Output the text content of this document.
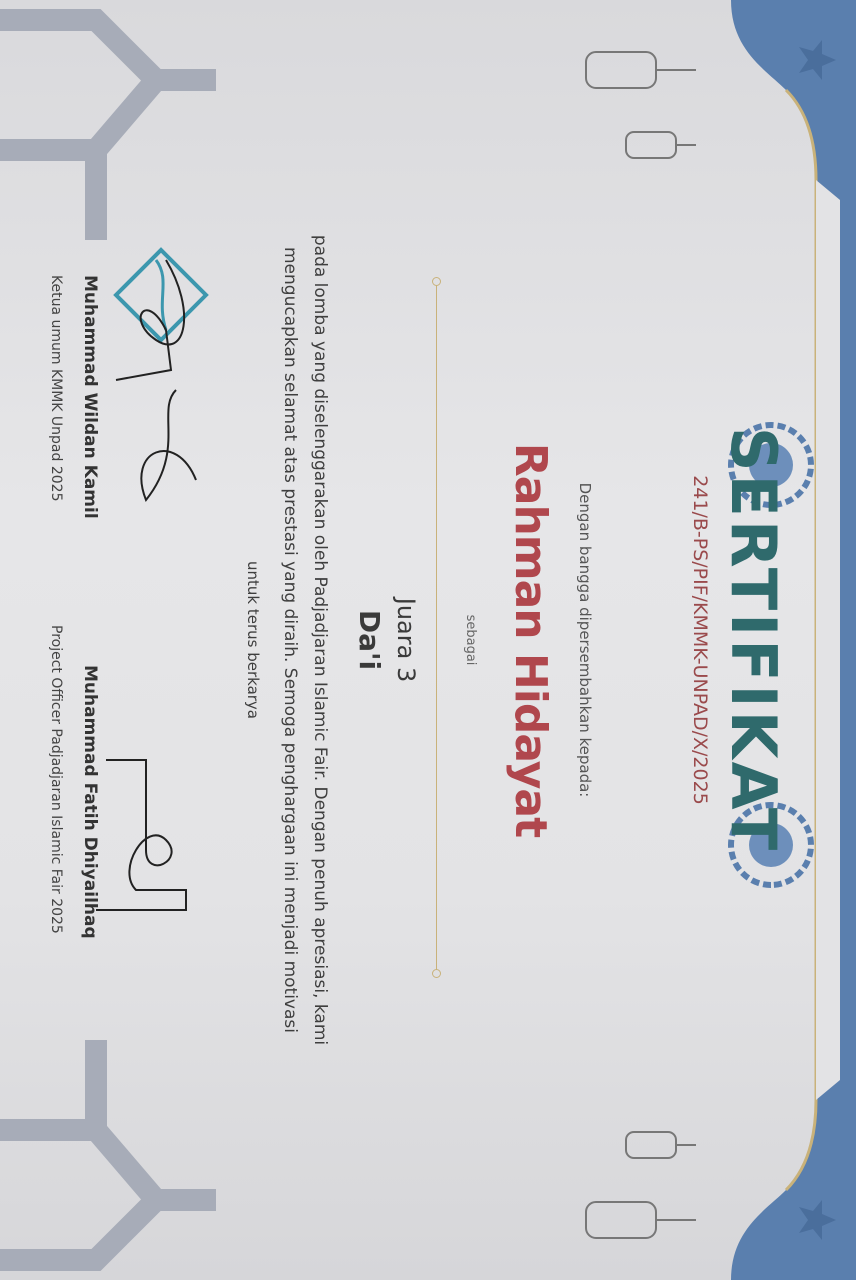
SERTIFIKAT
241/B-PS/PIF/KMMK-UNPAD/X/2025
Dengan bangga dipersembahkan kepada:
Rahman Hidayat
sebagai
Juara 3
Da'i
pada lomba yang diselenggarakan oleh Padjadjaran Islamic Fair. Dengan penuh apresiasi, kami
mengucapkan selamat atas prestasi yang diraih. Semoga penghargaan ini menjadi motivasi
untuk terus berkarya
Muhammad Wildan Kamil
Ketua umum KMMK Unpad 2025
Muhammad Fatih Dhiyailhaq
Project Officer Padjadjaran Islamic Fair 2025
